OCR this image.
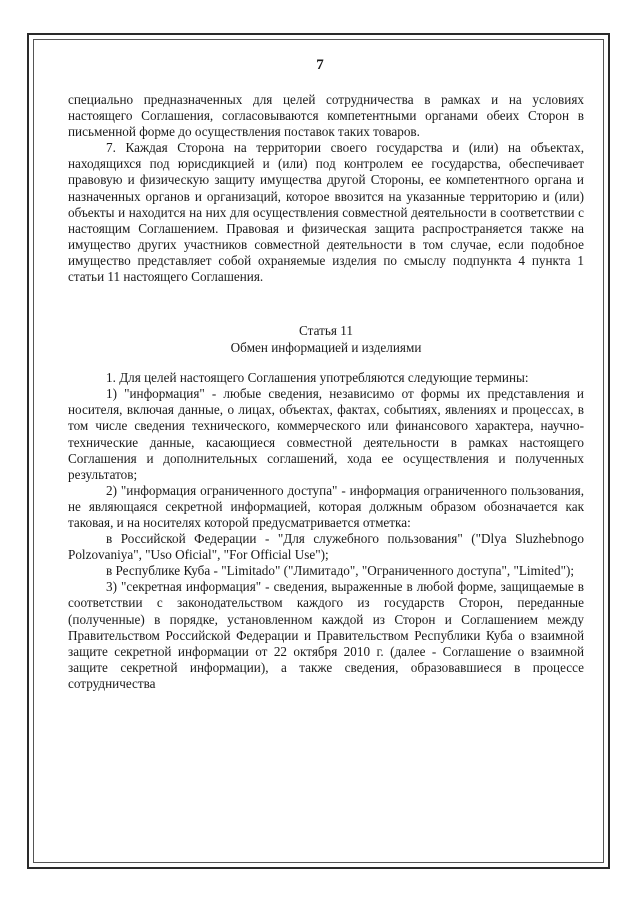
7

специально предназначенных для целей сотрудничества в рамках и на условиях настоящего Соглашения, согласовываются компетентными органами обеих Сторон в письменной форме до осуществления поставок таких товаров.

7. Каждая Сторона на территории своего государства и (или) на объектах, находящихся под юрисдикцией и (или) под контролем ее государства, обеспечивает правовую и физическую защиту имущества другой Стороны, ее компетентного органа и назначенных органов и организаций, которое ввозится на указанные территорию и (или) объекты и находится на них для осуществления совместной деятельности в соответствии с настоящим Соглашением. Правовая и физическая защита распространяется также на имущество других участников совместной деятельности в том случае, если подобное имущество представляет собой охраняемые изделия по смыслу подпункта 4 пункта 1 статьи 11 настоящего Соглашения.

Статья 11

Обмен информацией и изделиями

1. Для целей настоящего Соглашения употребляются следующие термины:

1) "информация" - любые сведения, независимо от формы их представления и носителя, включая данные, о лицах, объектах, фактах, событиях, явлениях и процессах, в том числе сведения технического, коммерческого или финансового характера, научно-технические данные, касающиеся совместной деятельности в рамках настоящего Соглашения и дополнительных соглашений, хода ее осуществления и полученных результатов;

2) "информация ограниченного доступа" - информация ограниченного пользования, не являющаяся секретной информацией, которая должным образом обозначается как таковая, и на носителях которой предусматривается отметка:

в Российской Федерации - "Для служебного пользования" ("Dlya Sluzhebnogo Polzovaniya", "Uso Oficial", "For Official Use");

в Республике Куба - "Limitado" ("Лимитадо", "Ограниченного доступа", "Limited");

3) "секретная информация" - сведения, выраженные в любой форме, защищаемые в соответствии с законодательством каждого из государств Сторон, переданные (полученные) в порядке, установленном каждой из Сторон и Соглашением между Правительством Российской Федерации и Правительством Республики Куба о взаимной защите секретной информации от 22 октября 2010 г. (далее - Соглашение о взаимной защите секретной информации), а также сведения, образовавшиеся в процессе сотрудничества
